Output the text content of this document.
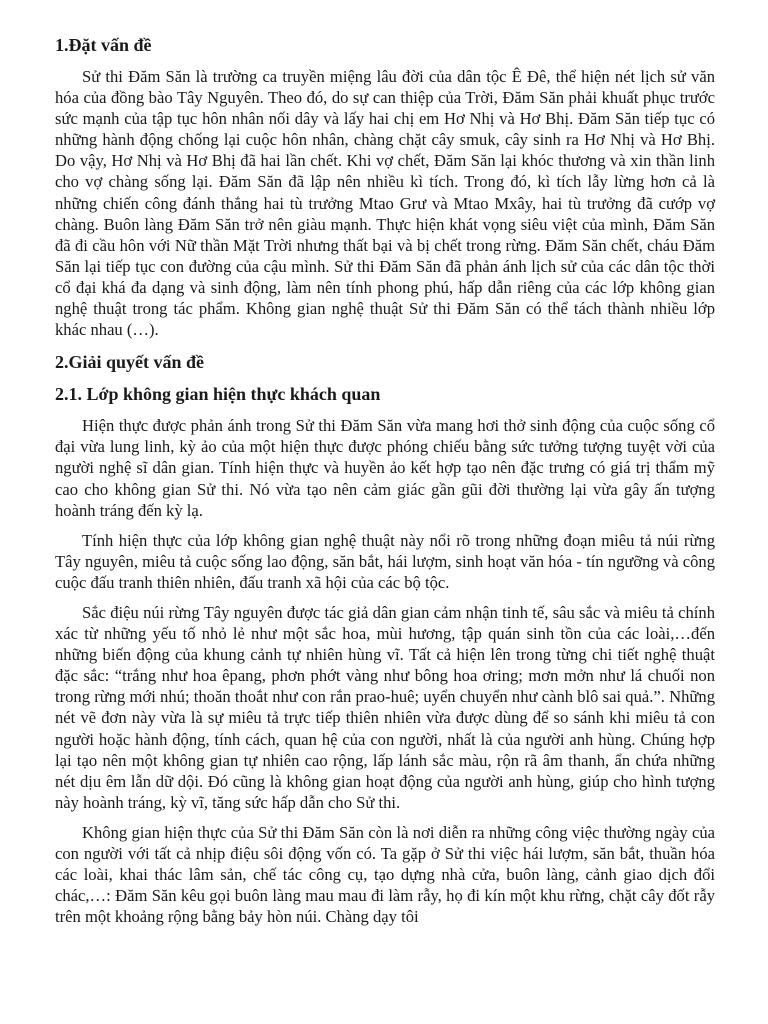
1.Đặt vấn đề

Sử thi Đăm Săn là trường ca truyền miệng lâu đời của dân tộc Ê Đê, thể hiện nét lịch sử văn hóa của đồng bào Tây Nguyên. Theo đó, do sự can thiệp của Trời, Đăm Săn phải khuất phục trước sức mạnh của tập tục hôn nhân nối dây và lấy hai chị em Hơ Nhị và Hơ Bhị. Đăm Săn tiếp tục có những hành động chống lại cuộc hôn nhân, chàng chặt cây smuk, cây sinh ra Hơ Nhị và Hơ Bhị. Do vậy, Hơ Nhị và Hơ Bhị đã hai lần chết. Khi vợ chết, Đăm Săn lại khóc thương và xin thần linh cho vợ chàng sống lại. Đăm Săn đã lập nên nhiều kì tích. Trong đó, kì tích lẫy lừng hơn cả là những chiến công đánh thắng hai tù trưởng Mtao Grư và Mtao Mxây, hai tù trưởng đã cướp vợ chàng. Buôn làng Đăm Săn trở nên giàu mạnh. Thực hiện khát vọng siêu việt của mình, Đăm Săn đã đi cầu hôn với Nữ thần Mặt Trời nhưng thất bại và bị chết trong rừng. Đăm Săn chết, cháu Đăm Săn lại tiếp tục con đường của cậu mình. Sử thi Đăm Săn đã phản ánh lịch sử của các dân tộc thời cổ đại khá đa dạng và sinh động, làm nên tính phong phú, hấp dẫn riêng của các lớp không gian nghệ thuật trong tác phẩm. Không gian nghệ thuật Sử thi Đăm Săn có thể tách thành nhiều lớp khác nhau (…).

2.Giải quyết vấn đề
2.1. Lớp không gian hiện thực khách quan

Hiện thực được phản ánh trong Sử thi Đăm Săn vừa mang hơi thở sinh động của cuộc sống cổ đại vừa lung linh, kỳ ảo của một hiện thực được phóng chiếu bằng sức tưởng tượng tuyệt vời của người nghệ sĩ dân gian. Tính hiện thực và huyền ảo kết hợp tạo nên đặc trưng có giá trị thẩm mỹ cao cho không gian Sử thi. Nó vừa tạo nên cảm giác gần gũi đời thường lại vừa gây ấn tượng hoành tráng đến kỳ lạ.

Tính hiện thực của lớp không gian nghệ thuật này nổi rõ trong những đoạn miêu tả núi rừng Tây nguyên, miêu tả cuộc sống lao động, săn bắt, hái lượm, sinh hoạt văn hóa - tín ngưỡng và công cuộc đấu tranh thiên nhiên, đấu tranh xã hội của các bộ tộc.

Sắc điệu núi rừng Tây nguyên được tác giả dân gian cảm nhận tinh tế, sâu sắc và miêu tả chính xác từ những yếu tố nhỏ lẻ như một sắc hoa, mùi hương, tập quán sinh tồn của các loài,…đến những biến động của khung cảnh tự nhiên hùng vĩ. Tất cả hiện lên trong từng chi tiết nghệ thuật đặc sắc: “trắng như hoa êpang, phơn phớt vàng như bông hoa ơring; mơn mởn như lá chuối non trong rừng mới nhú; thoăn thoắt như con rắn prao-huê; uyển chuyển như cành blô sai quả.”. Những nét vẽ đơn này vừa là sự miêu tả trực tiếp thiên nhiên vừa được dùng để so sánh khi miêu tả con người hoặc hành động, tính cách, quan hệ của con người, nhất là của người anh hùng. Chúng hợp lại tạo nên một không gian tự nhiên cao rộng, lấp lánh sắc màu, rộn rã âm thanh, ẩn chứa những nét dịu êm lẫn dữ dội. Đó cũng là không gian hoạt động của người anh hùng, giúp cho hình tượng này hoành tráng, kỳ vĩ, tăng sức hấp dẫn cho Sử thi.

Không gian hiện thực của Sử thi Đăm Săn còn là nơi diễn ra những công việc thường ngày của con người với tất cả nhịp điệu sôi động vốn có. Ta gặp ở Sử thi việc hái lượm, săn bắt, thuần hóa các loài, khai thác lâm sản, chế tác công cụ, tạo dựng nhà cửa, buôn làng, cảnh giao dịch đổi chác,…: Đăm Săn kêu gọi buôn làng mau mau đi làm rẫy, họ đi kín một khu rừng, chặt cây đốt rẫy trên một khoảng rộng bằng bảy hòn núi. Chàng dạy tôi
